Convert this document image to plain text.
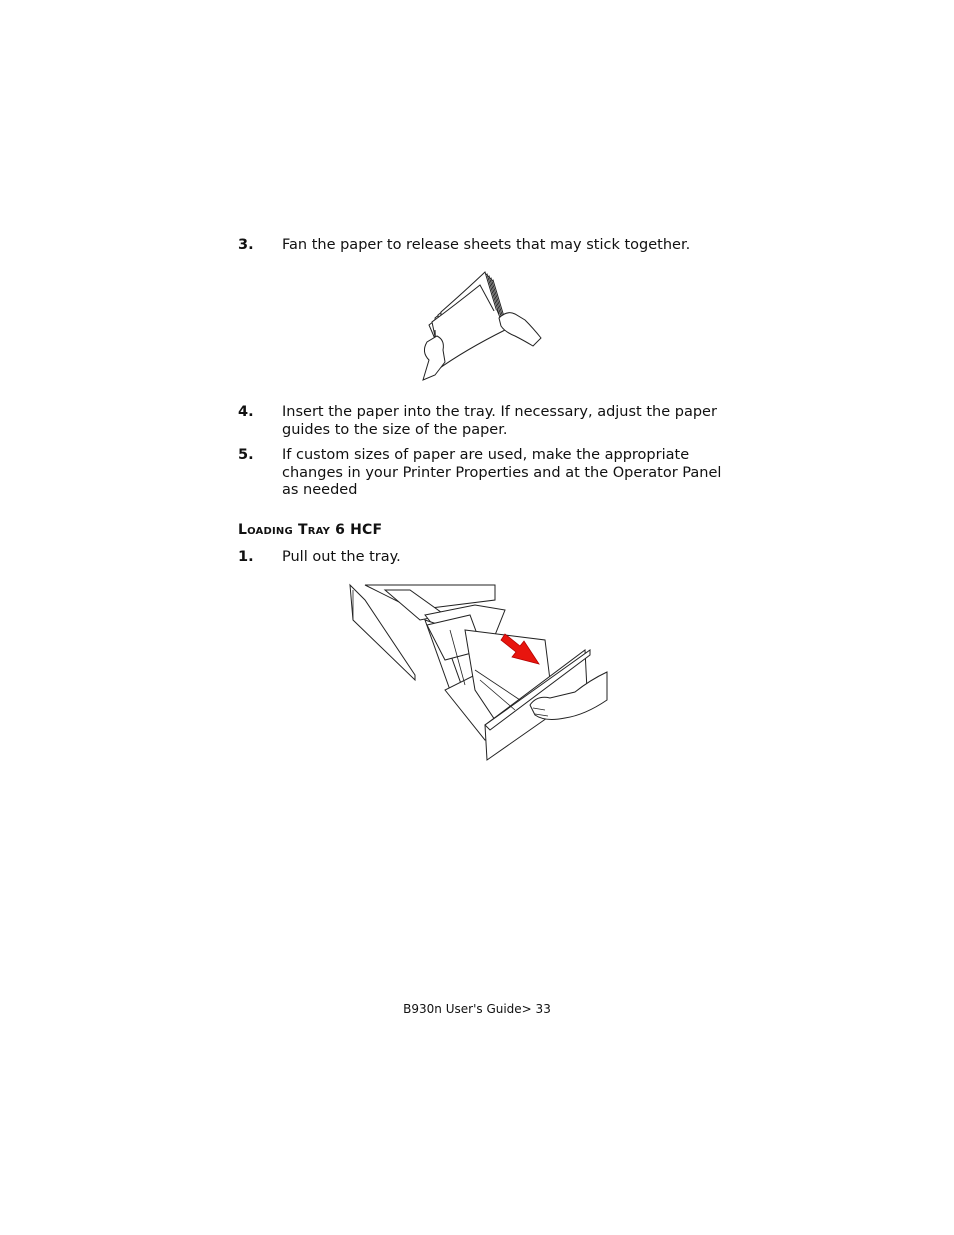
3. Fan the paper to release sheets that may stick together.
4. Insert the paper into the tray. If necessary, adjust the paper guides to the size of the paper.
5. If custom sizes of paper are used, make the appropriate changes in your Printer Properties and at the Operator Panel as needed
Loading Tray 6 HCF
1. Pull out the tray.
B930n User's Guide> 33
